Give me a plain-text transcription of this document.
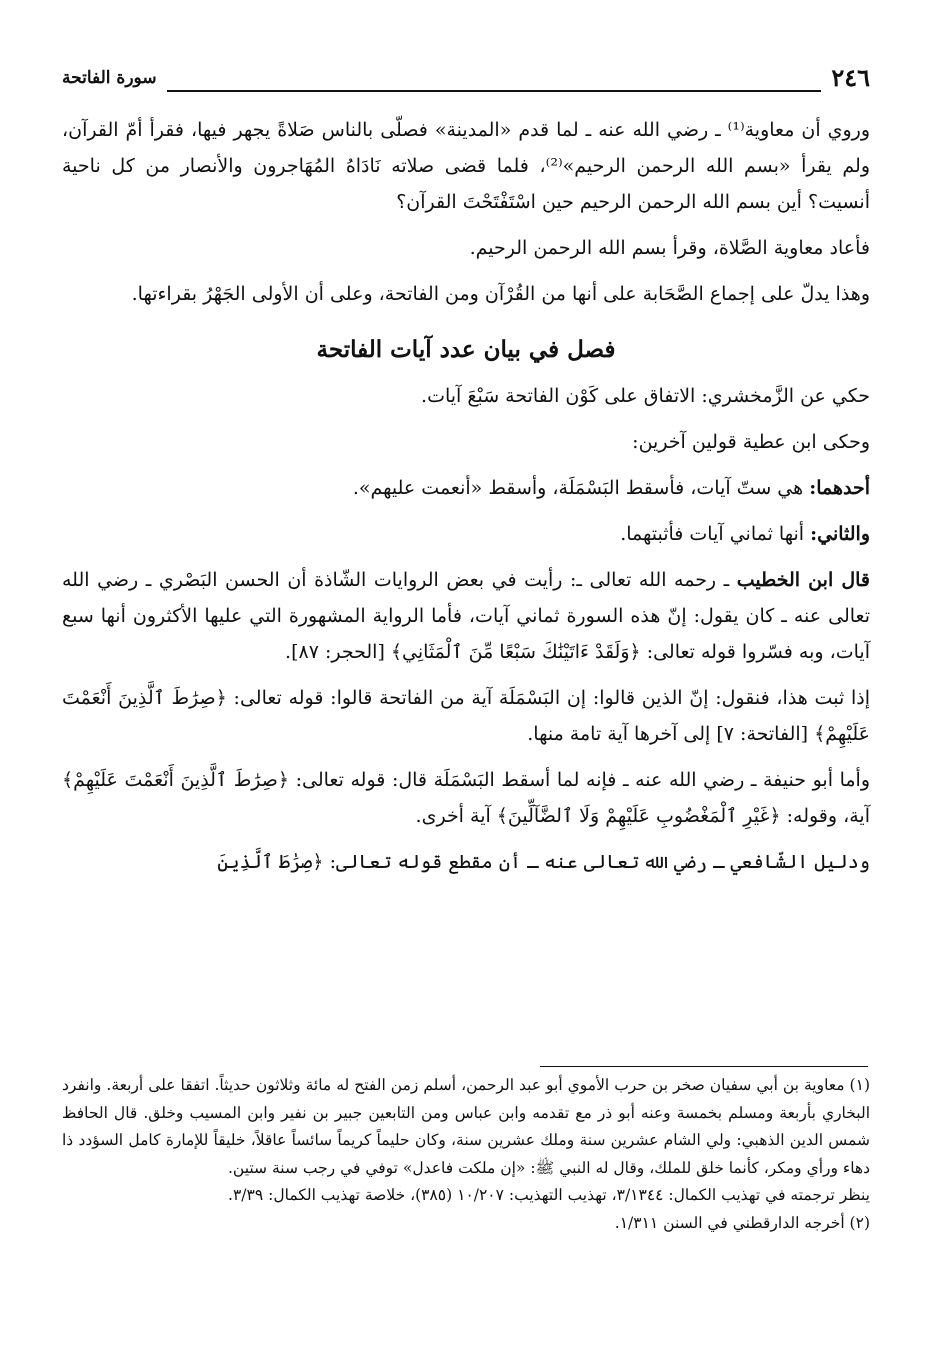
٢٤٦
سورة الفاتحة

وروي أن معاوية⁽¹⁾ ـ رضي الله عنه ـ لما قدم «المدينة» فصلّى بالناس صَلاةً يجهر فيها، فقرأ أمّ القرآن، ولم يقرأ «بسم الله الرحمن الرحيم»⁽²⁾، فلما قضى صلاته نَادَاهُ المُهَاجرون والأنصار من كل ناحية أنسيت؟ أين بسم الله الرحمن الرحيم حين اسْتَفْتَحْتَ القرآن؟

فأعاد معاوية الصَّلاة، وقرأ بسم الله الرحمن الرحيم.

وهذا يدلّ على إجماع الصَّحَابة على أنها من القُرْآن ومن الفاتحة، وعلى أن الأولى الجَهْرُ بقراءتها.

فصل في بيان عدد آيات الفاتحة

حكي عن الزَّمخشري: الاتفاق على كَوْن الفاتحة سَبْعَ آيات.

وحكى ابن عطية قولين آخرين:

أحدهما: هي ستّ آيات، فأسقط البَسْمَلَة، وأسقط «أنعمت عليهم».

والثاني: أنها ثماني آيات فأثبتهما.

قال ابن الخطيب ـ رحمه الله تعالى ـ: رأيت في بعض الروايات الشّاذة أن الحسن البَصْري ـ رضي الله تعالى عنه ـ كان يقول: إنّ هذه السورة ثماني آيات، فأما الرواية المشهورة التي عليها الأكثرون أنها سبع آيات، وبه فسّروا قوله تعالى: ﴿وَلَقَدْ ءَاتَيْنَٰكَ سَبْعًا مِّنَ ٱلْمَثَانِي﴾ [الحجر: ٨٧].

إذا ثبت هذا، فنقول: إنّ الذين قالوا: إن البَسْمَلَة آية من الفاتحة قالوا: قوله تعالى: ﴿صِرَٰطَ ٱلَّذِينَ أَنْعَمْتَ عَلَيْهِمْ﴾ [الفاتحة: ٧] إلى آخرها آية تامة منها.

وأما أبو حنيفة ـ رضي الله عنه ـ فإنه لما أسقط البَسْمَلَة قال: قوله تعالى: ﴿صِرَٰطَ ٱلَّذِينَ أَنْعَمْتَ عَلَيْهِمْ﴾ آية، وقوله: ﴿غَيْرِ ٱلْمَغْضُوبِ عَلَيْهِمْ وَلَا ٱلضَّآلِّينَ﴾ آية أخرى.

ودليل الشّافعي ـ رضي الله تعالى عنه ـ أن مقطع قوله تعالى: ﴿صِرَٰطَ ٱلَّذِينَ

(١) معاوية بن أبي سفيان صخر بن حرب الأموي أبو عبد الرحمن، أسلم زمن الفتح له مائة وثلاثون حديثاً. اتفقا على أربعة. وانفرد البخاري بأربعة ومسلم بخمسة وعنه أبو ذر مع تقدمه وابن عباس ومن التابعين جبير بن نفير وابن المسيب وخلق. قال الحافظ شمس الدين الذهبي: ولي الشام عشرين سنة وملك عشرين سنة، وكان حليماً كريماً سائساً عاقلاً، خليقاً للإمارة كامل السؤدد ذا دهاء ورأي ومكر، كأنما خلق للملك، وقال له النبي ﷺ: «إن ملكت فاعدل» توفي في رجب سنة ستين.

ينظر ترجمته في تهذيب الكمال: ٣/١٣٤٤، تهذيب التهذيب: ١٠/٢٠٧ (٣٨٥)، خلاصة تهذيب الكمال: ٣/٣٩.

(٢) أخرجه الدارقطني في السنن ١/٣١١.
